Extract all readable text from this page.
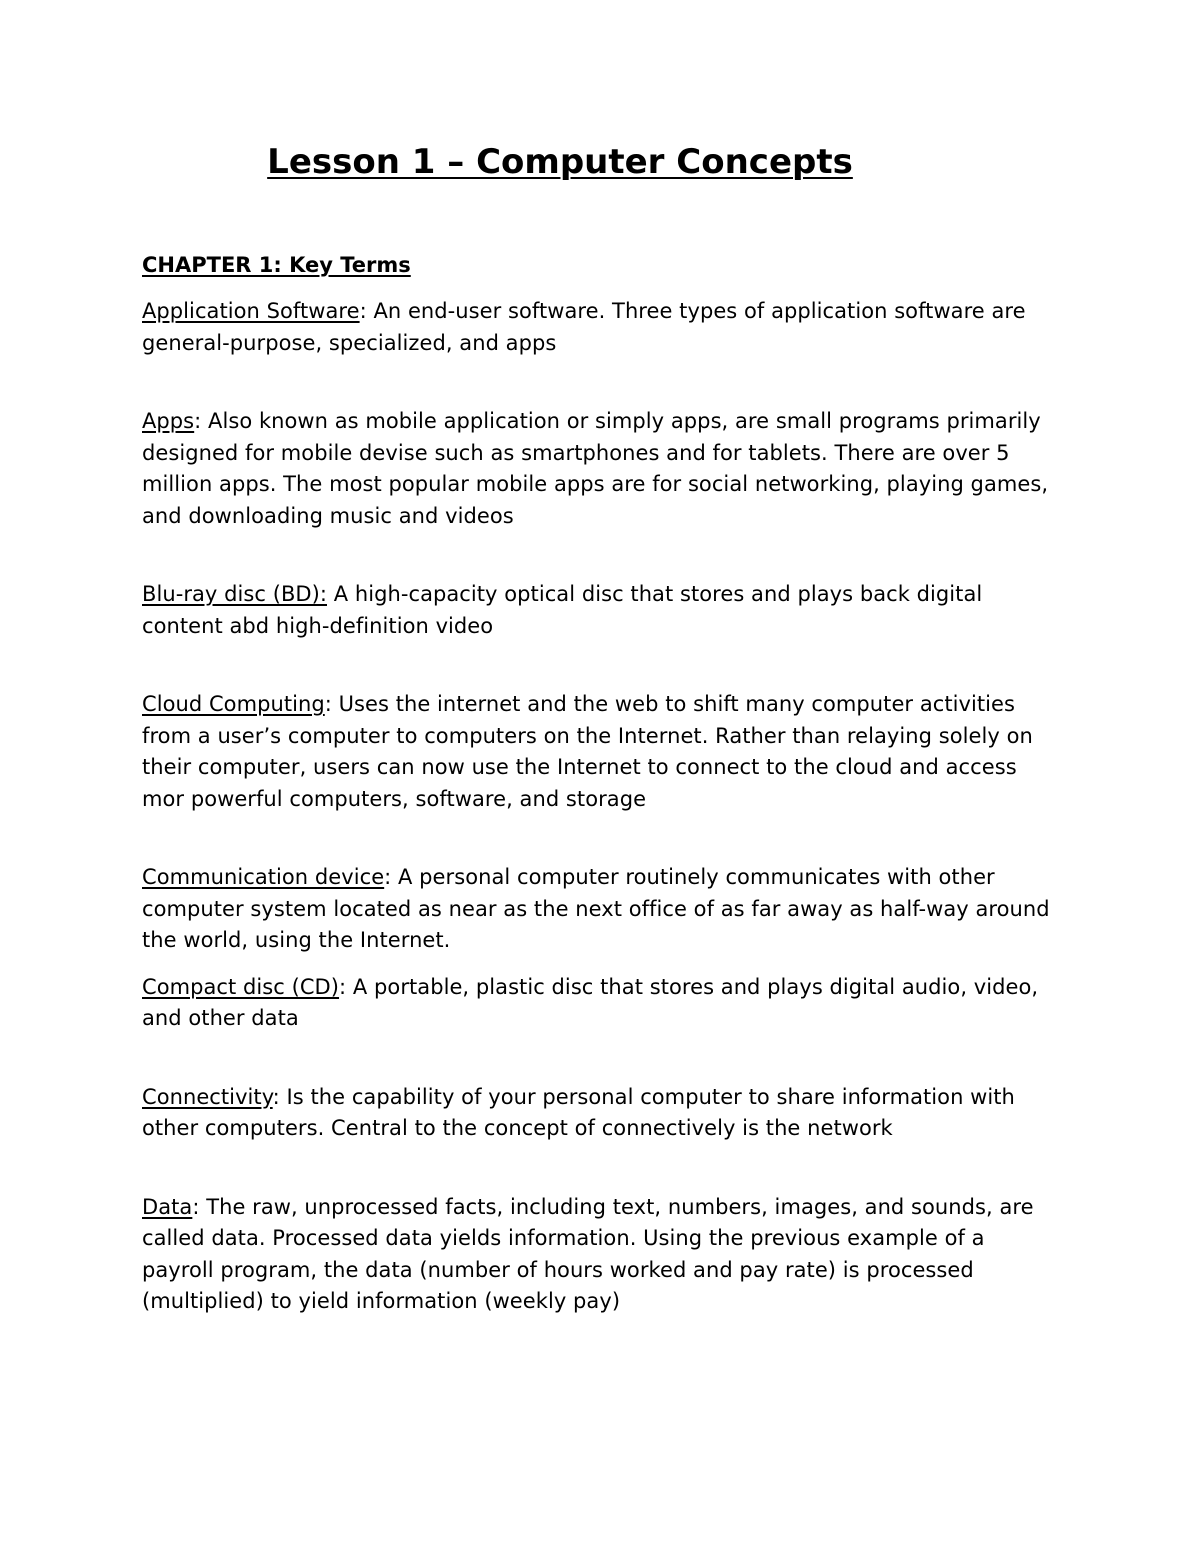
Lesson 1 – Computer Concepts
CHAPTER 1: Key Terms

Application Software: An end-user software. Three types of application software are general-purpose, specialized, and apps

Apps: Also known as mobile application or simply apps, are small programs primarily designed for mobile devise such as smartphones and for tablets. There are over 5 million apps. The most popular mobile apps are for social networking, playing games, and downloading music and videos

Blu-ray disc (BD): A high-capacity optical disc that stores and plays back digital content abd high-definition video

Cloud Computing: Uses the internet and the web to shift many computer activities from a user’s computer to computers on the Internet. Rather than relaying solely on their computer, users can now use the Internet to connect to the cloud and access mor powerful computers, software, and storage

Communication device: A personal computer routinely communicates with other computer system located as near as the next office of as far away as half-way around the world, using the Internet.

Compact disc (CD): A portable, plastic disc that stores and plays digital audio, video, and other data

Connectivity: Is the capability of your personal computer to share information with other computers. Central to the concept of connectively is the network

Data: The raw, unprocessed facts, including text, numbers, images, and sounds, are called data. Processed data yields information. Using the previous example of a payroll program, the data (number of hours worked and pay rate) is processed (multiplied) to yield information (weekly pay)
